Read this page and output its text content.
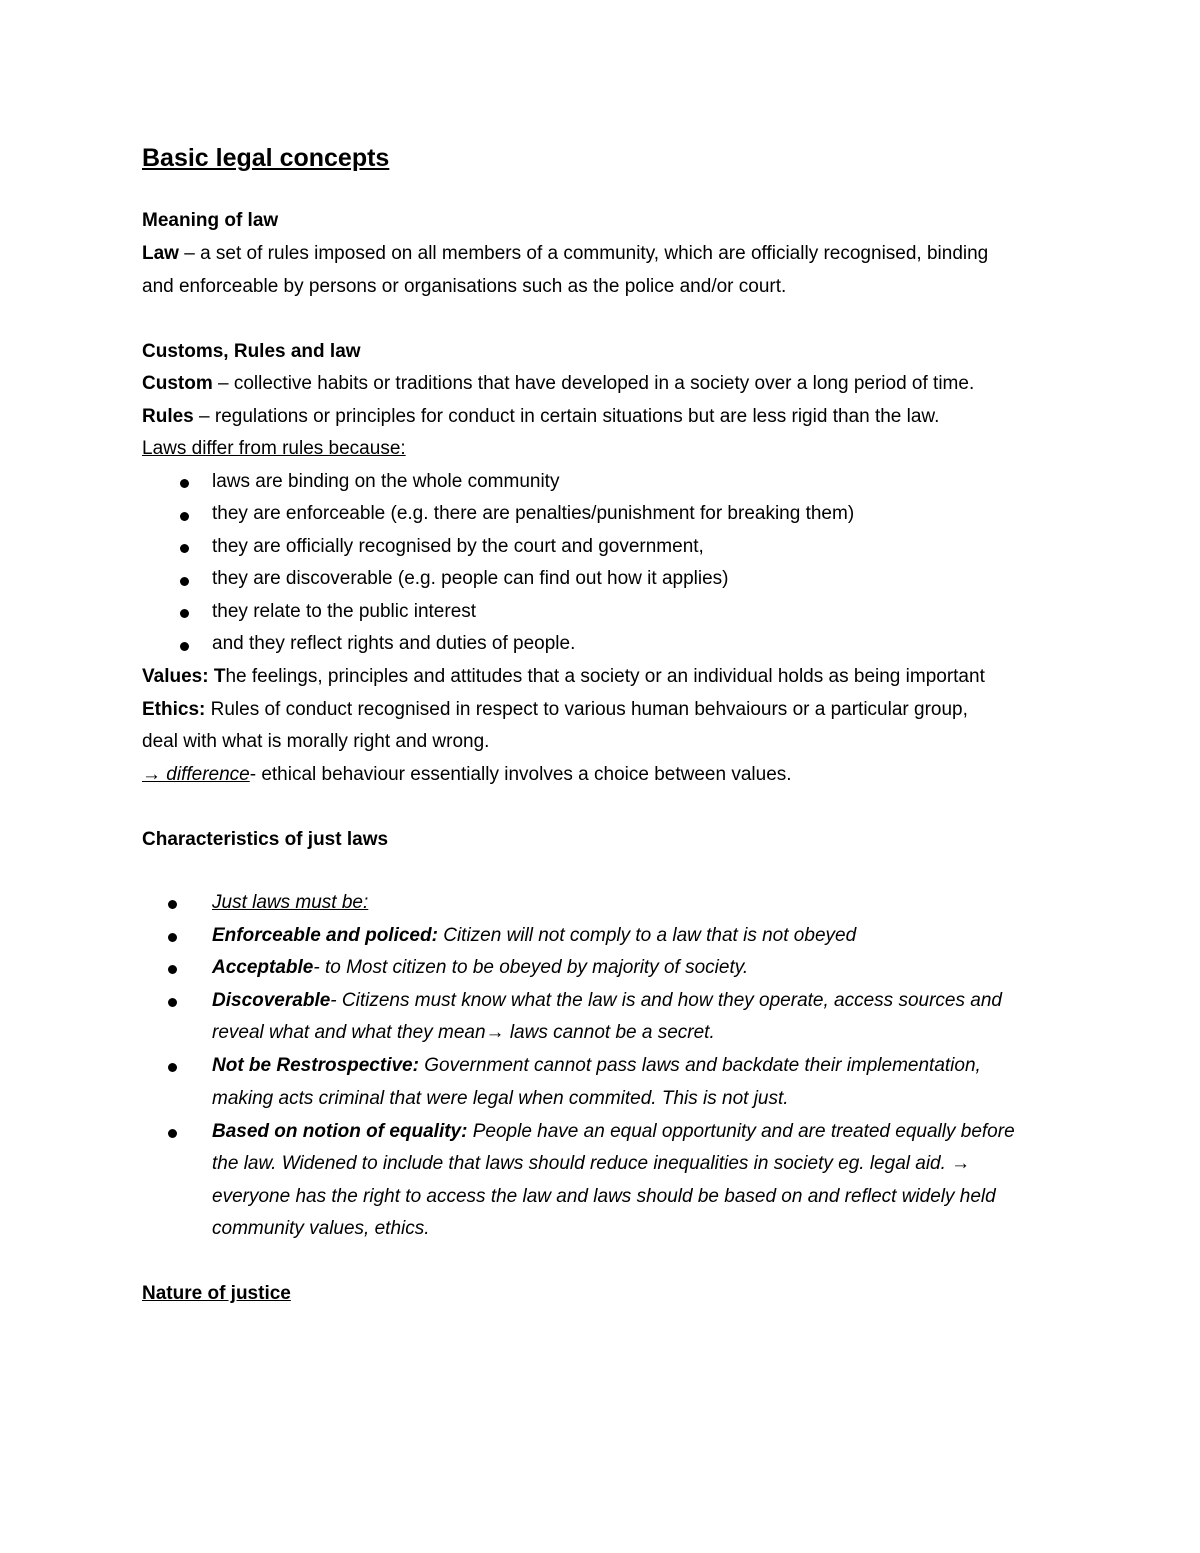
Basic legal concepts
Meaning of law
Law – a set of rules imposed on all members of a community, which are officially recognised, binding
and enforceable by persons or organisations such as the police and/or court.
Customs, Rules and law
Custom – collective habits or traditions that have developed in a society over a long period of time.
Rules – regulations or principles for conduct in certain situations but are less rigid than the law.
Laws differ from rules because:
laws are binding on the whole community
they are enforceable (e.g. there are penalties/punishment for breaking them)
they are officially recognised by the court and government,
they are discoverable (e.g. people can find out how it applies)
they relate to the public interest
and they reflect rights and duties of people.
Values: The feelings, principles and attitudes that a society or an individual holds as being important
Ethics: Rules of conduct recognised in respect to various human behvaiours or a particular group,
deal with what is morally right and wrong.
→ difference- ethical behaviour essentially involves a choice between values.
Characteristics of just laws
Just laws must be:
Enforceable and policed: Citizen will not comply to a law that is not obeyed
Acceptable- to Most citizen to be obeyed by majority of society.
Discoverable- Citizens must know what the law is and how they operate, access sources and
reveal what and what they mean→ laws cannot be a secret.
Not be Restrospective: Government cannot pass laws and backdate their implementation,
making acts criminal that were legal when commited. This is not just.
Based on notion of equality: People have an equal opportunity and are treated equally before
the law. Widened to include that laws should reduce inequalities in society eg. legal aid. →
everyone has the right to access the law and laws should be based on and reflect widely held
community values, ethics.
Nature of justice
